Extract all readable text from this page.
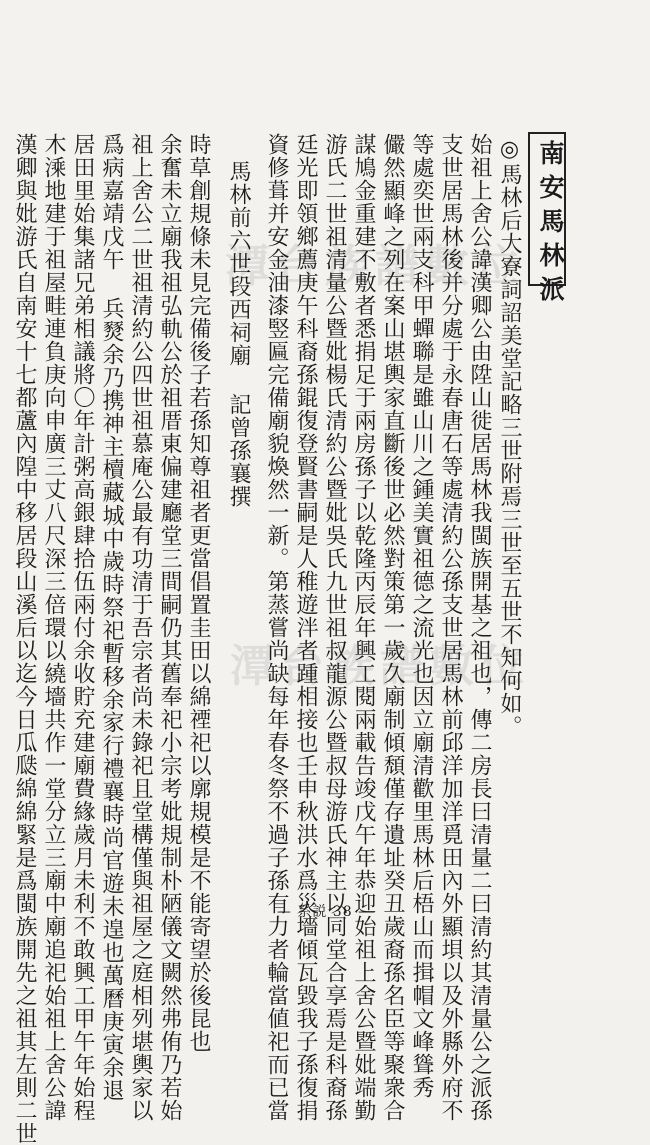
潭台族譜數位
潭台族譜數位
南安馬林派
◎馬林后大寮詞詔美堂記略三世附焉三世至五世不知何如。
始祖上舍公諱漢卿公由陞山徙居馬林我閩族開基之祖也，傳二房長曰清量二曰清約其清量公之派孫
支世居馬林後并分處于永春唐石等處清約公孫支世居馬林前邱洋加洋覓田內外顯垻以及外縣外府不
等處奕世兩支科甲蟬聯是雖山川之鍾美實祖德之流光也因立廟清歡里馬林后梧山而揖帽文峰聳秀
儼然顯峰之列在案山堪輿家直斷後世必然對策第一歲久廟制傾頹僅存遺址癸丑歲裔孫名臣等聚衆合
謀鳩金重建不敷者悉捐足于兩房孫子以乾隆丙辰年興工閱兩載告竣戊午年恭迎始祖上舍公暨妣端勤
游氏二世祖清量公暨妣楊氏清約公暨妣吳氏九世祖叔龍源公暨叔母游氏神主以同堂合享焉是科裔孫
廷光即領鄉薦庚午科裔孫錕復登賢書嗣是人稚遊泮者踵相接也壬申秋洪水爲災墻傾瓦毀我子孫復捐
資修葺并安金油漆竪匾完備廟貌煥然一新。第蒸嘗尚缺每年春冬祭不過子孫有力者輪當値祀而已當
馬林前六世段西祠廟 記曾孫襄撰
時草創規條未見完備後子若孫知尊祖者更當倡置圭田以綿禋祀以廓規模是不能寄望於後昆也
余奮未立廟我祖弘軌公於祖厝東偏建廳堂三間嗣仍其舊奉祀小宗考妣規制朴陋儀文闕然弗侑乃若始
祖上舍公二世祖清約公四世祖慕庵公最有功清于吾宗者尚未錄祀且堂構僅與祖屋之庭相列堪輿家以
爲病嘉靖戊午 兵燹余乃携神主櫝藏城中歲時祭祀暫移余家行禮襄時尚官遊未遑也萬曆庚寅余退
居田里始集諸兄弟相議將〇年計粥高銀肆拾伍兩付余收貯充建廟費緣歲月未利不敢興工甲午年始程
木溗地建于祖屋畦連負庚向申廣三丈八尺深三倍環以繞墻共作一堂分立三廟中廟追祀始祖上舍公諱
漢卿與妣游氏自南安十七都蘆內隍中移居段山溪后以迄今日瓜瓞綿綿緊是爲閩族開先之祖其左則二世	— 系説 38 —
